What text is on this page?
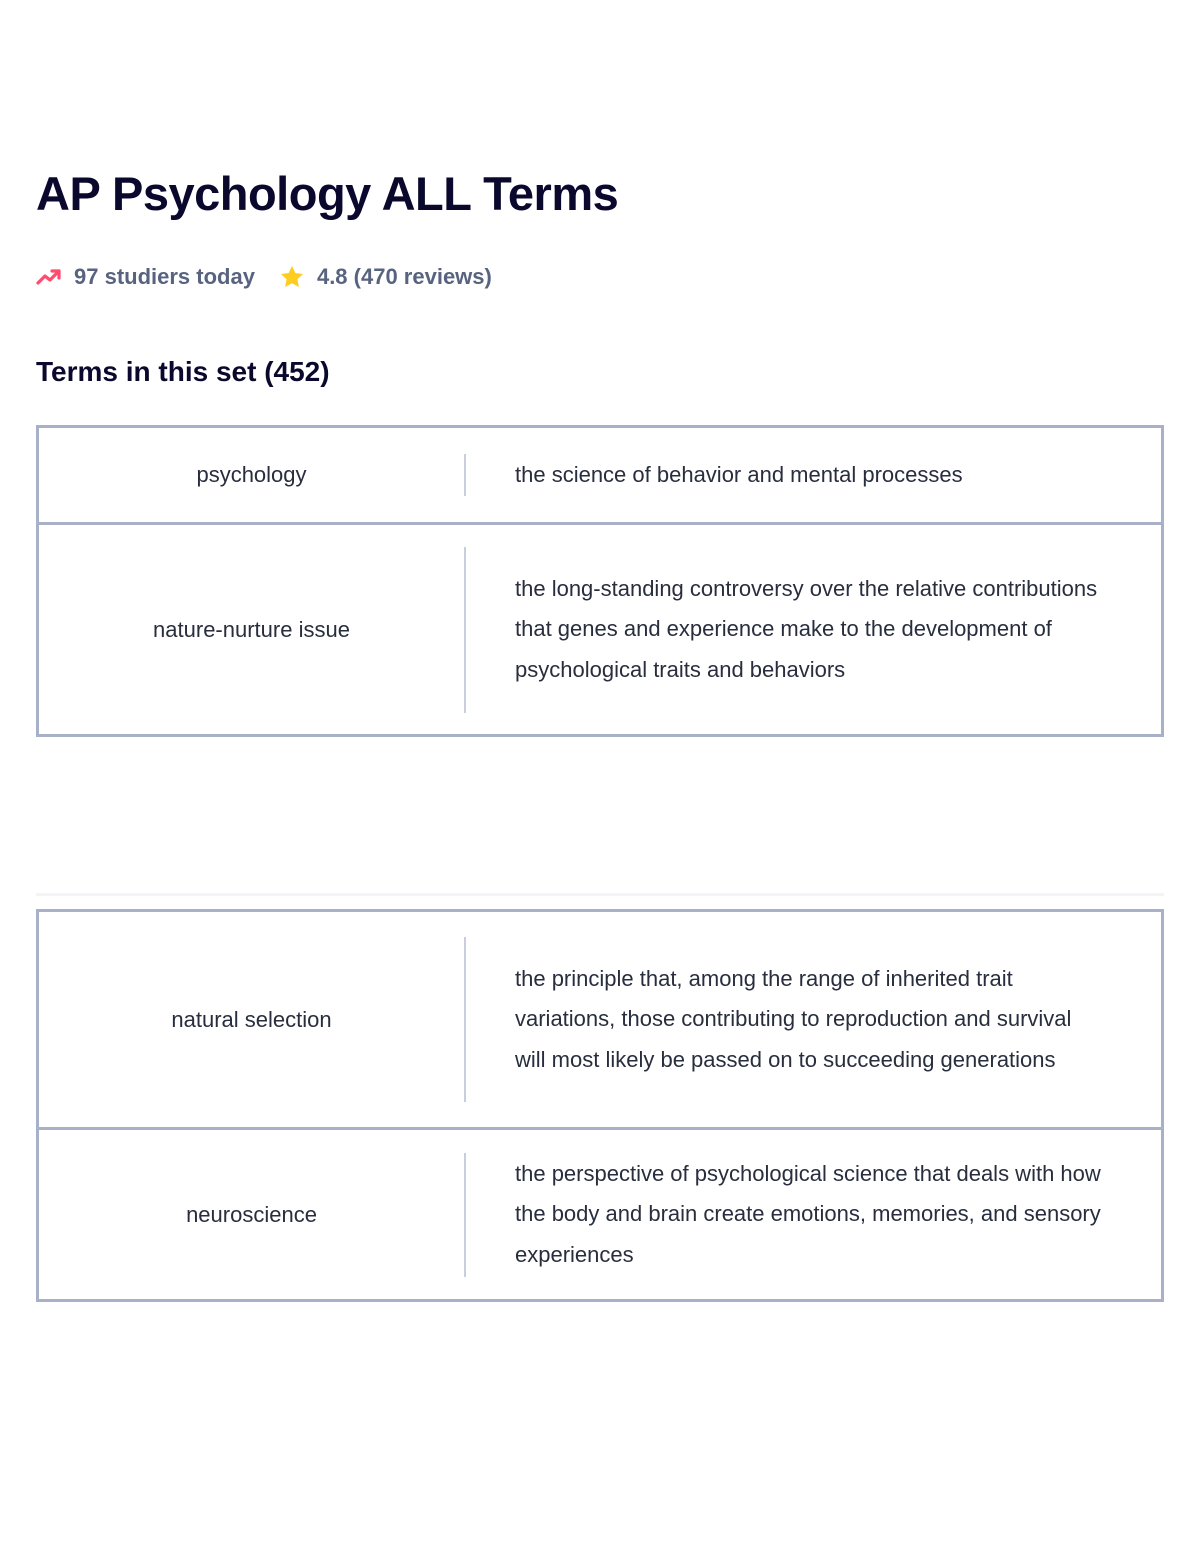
AP Psychology ALL Terms
97 studiers today	4.8 (470 reviews)
Terms in this set (452)
psychology	the science of behavior and mental processes
nature-nurture issue
the long-standing controversy over the relative contributions that genes and experience make to the development of psychological traits and behaviors
natural selection
the principle that, among the range of inherited trait variations, those contributing to reproduction and survival will most likely be passed on to succeeding generations
neuroscience
the perspective of psychological science that deals with how the body and brain create emotions, memories, and sensory experiences
